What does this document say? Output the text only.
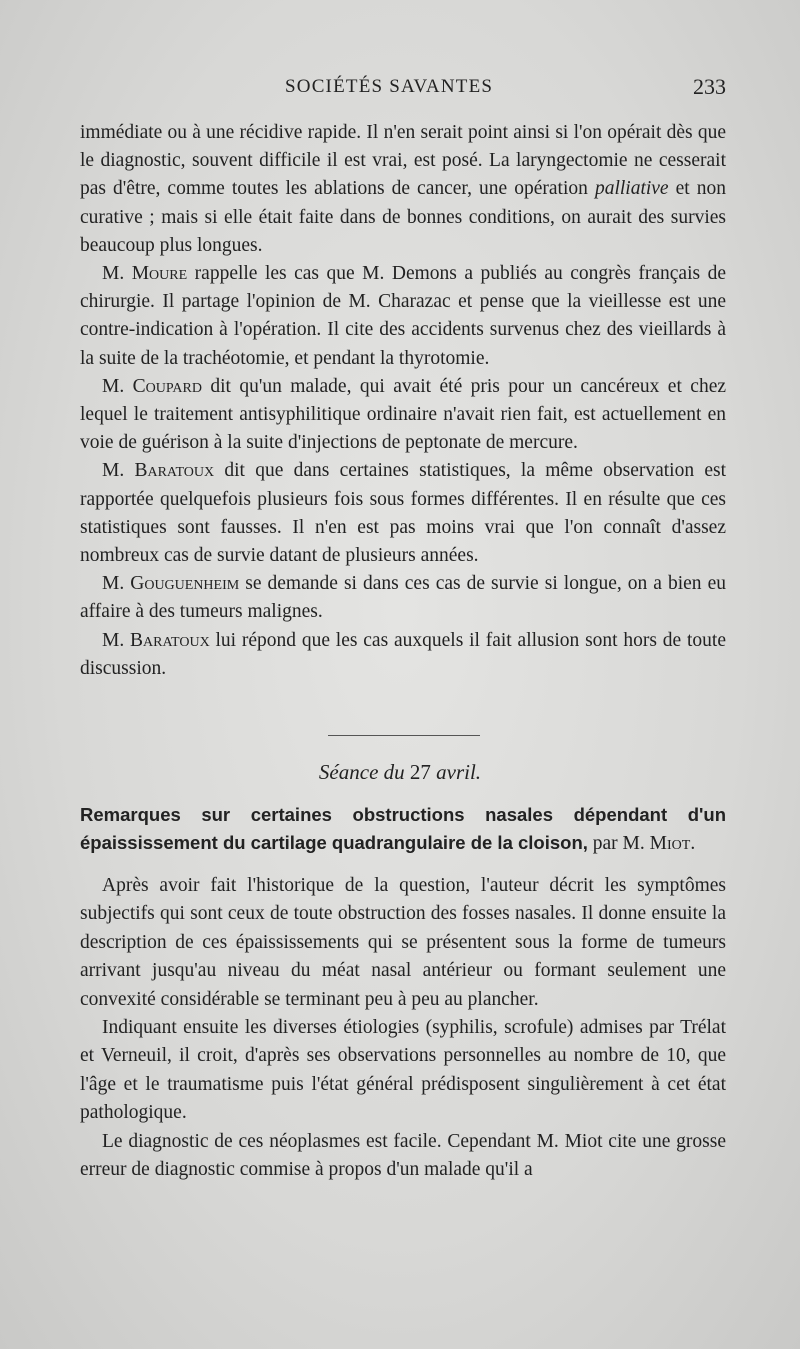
SOCIÉTÉS SAVANTES	233

immédiate ou à une récidive rapide. Il n'en serait point ainsi si l'on opérait dès que le diagnostic, souvent difficile il est vrai, est posé. La laryngectomie ne cesserait pas d'être, comme toutes les ablations de cancer, une opération palliative et non curative ; mais si elle était faite dans de bonnes conditions, on aurait des survies beaucoup plus longues.

M. Moure rappelle les cas que M. Demons a publiés au congrès français de chirurgie. Il partage l'opinion de M. Charazac et pense que la vieillesse est une contre-indication à l'opération. Il cite des accidents survenus chez des vieillards à la suite de la trachéotomie, et pendant la thyrotomie.

M. Coupard dit qu'un malade, qui avait été pris pour un cancéreux et chez lequel le traitement antisyphilitique ordinaire n'avait rien fait, est actuellement en voie de guérison à la suite d'injections de peptonate de mercure.

M. Baratoux dit que dans certaines statistiques, la même observation est rapportée quelquefois plusieurs fois sous formes différentes. Il en résulte que ces statistiques sont fausses. Il n'en est pas moins vrai que l'on connaît d'assez nombreux cas de survie datant de plusieurs années.

M. Gouguenheim se demande si dans ces cas de survie si longue, on a bien eu affaire à des tumeurs malignes.

M. Baratoux lui répond que les cas auxquels il fait allusion sont hors de toute discussion.

Séance du 27 avril.
Remarques sur certaines obstructions nasales dépendant d'un épaississement du cartilage quadrangulaire de la cloison, par M. Miot.

Après avoir fait l'historique de la question, l'auteur décrit les symptômes subjectifs qui sont ceux de toute obstruction des fosses nasales. Il donne ensuite la description de ces épaississements qui se présentent sous la forme de tumeurs arrivant jusqu'au niveau du méat nasal antérieur ou formant seulement une convexité considérable se terminant peu à peu au plancher.

Indiquant ensuite les diverses étiologies (syphilis, scrofule) admises par Trélat et Verneuil, il croit, d'après ses observations personnelles au nombre de 10, que l'âge et le traumatisme puis l'état général prédisposent singulièrement à cet état pathologique.

Le diagnostic de ces néoplasmes est facile. Cependant M. Miot cite une grosse erreur de diagnostic commise à propos d'un malade qu'il a
